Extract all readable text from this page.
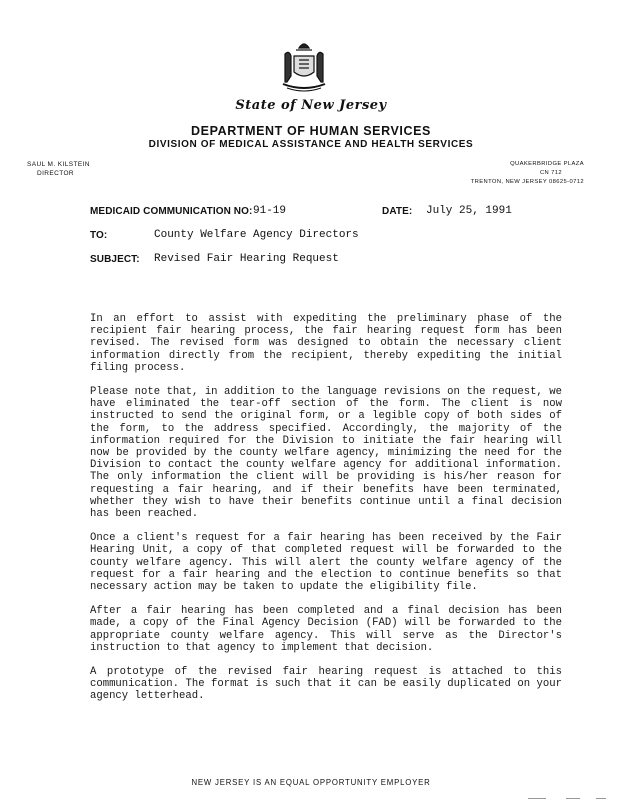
State of New Jersey
DEPARTMENT OF HUMAN SERVICES
DIVISION OF MEDICAL ASSISTANCE AND HEALTH SERVICES
SAUL M. KILSTEIN
DIRECTOR
QUAKERBRIDGE PLAZA
CN 712
TRENTON, NEW JERSEY 08625-0712
MEDICAID COMMUNICATION NO: 91-19	DATE: July 25, 1991
TO:	County Welfare Agency Directors
SUBJECT: Revised Fair Hearing Request

In an effort to assist with expediting the preliminary phase of the recipient fair hearing process, the fair hearing request form has been revised. The revised form was designed to obtain the necessary client information directly from the recipient, thereby expediting the initial filing process.

Please note that, in addition to the language revisions on the request, we have eliminated the tear-off section of the form. The client is now instructed to send the original form, or a legible copy of both sides of the form, to the address specified. Accordingly, the majority of the information required for the Division to initiate the fair hearing will now be provided by the county welfare agency, minimizing the need for the Division to contact the county welfare agency for additional information. The only information the client will be providing is his/her reason for requesting a fair hearing, and if their benefits have been terminated, whether they wish to have their benefits continue until a final decision has been reached.

Once a client's request for a fair hearing has been received by the Fair Hearing Unit, a copy of that completed request will be forwarded to the county welfare agency. This will alert the county welfare agency of the request for a fair hearing and the election to continue benefits so that necessary action may be taken to update the eligibility file.

After a fair hearing has been completed and a final decision has been made, a copy of the Final Agency Decision (FAD) will be forwarded to the appropriate county welfare agency. This will serve as the Director's instruction to that agency to implement that decision.

A prototype of the revised fair hearing request is attached to this communication. The format is such that it can be easily duplicated on your agency letterhead.

NEW JERSEY IS AN EQUAL OPPORTUNITY EMPLOYER
